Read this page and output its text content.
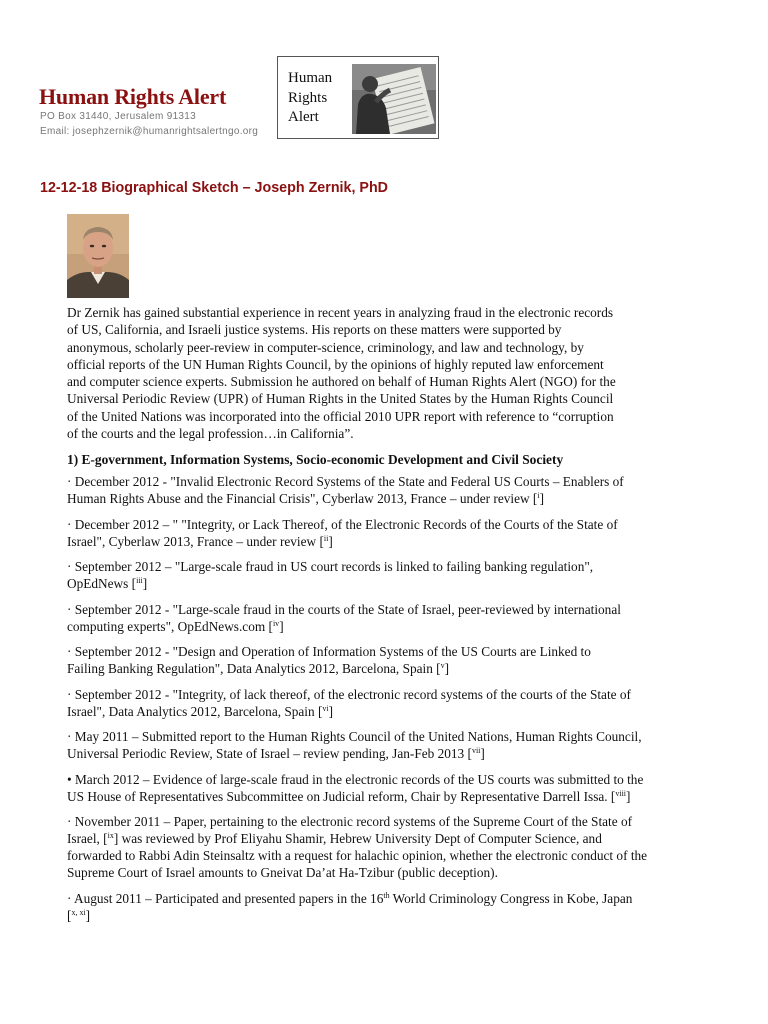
Human Rights Alert
PO Box 31440, Jerusalem 91313
Email: josephzernik@humanrightsalertngo.org
Human
Rights
Alert
12-12-18 Biographical Sketch – Joseph Zernik, PhD
Dr Zernik has gained substantial experience in recent years in analyzing fraud in the electronic records
of US, California, and Israeli justice systems. His reports on these matters were supported by
anonymous, scholarly peer-review in computer-science, criminology, and law and technology, by
official reports of the UN Human Rights Council, by the opinions of highly reputed law enforcement
and computer science experts. Submission he authored on behalf of Human Rights Alert (NGO) for the
Universal Periodic Review (UPR) of Human Rights in the United States by the Human Rights Council
of the United Nations was incorporated into the official 2010 UPR report with reference to “corruption
of the courts and the legal profession…in California”.
1) E-government, Information Systems, Socio-economic Development and Civil Society
· December 2012 - "Invalid Electronic Record Systems of the State and Federal US Courts – Enablers of
Human Rights Abuse and the Financial Crisis", Cyberlaw 2013, France – under review [$^i$]
· December 2012 – " "Integrity, or Lack Thereof, of the Electronic Records of the Courts of the State of
Israel", Cyberlaw 2013, France – under review [$^{ii}$]
· September 2012 – "Large-scale fraud in US court records is linked to failing banking regulation",
OpEdNews [$^{iii}$]
· September 2012 - "Large-scale fraud in the courts of the State of Israel, peer-reviewed by international
computing experts", OpEdNews.com [$^{iv}$]
· September 2012 - "Design and Operation of Information Systems of the US Courts are Linked to
Failing Banking Regulation", Data Analytics 2012, Barcelona, Spain [$^v$]
· September 2012 - "Integrity, of lack thereof, of the electronic record systems of the courts of the State of
Israel", Data Analytics 2012, Barcelona, Spain [$^{vi}$]
· May 2011 – Submitted report to the Human Rights Council of the United Nations, Human Rights Council,
Universal Periodic Review, State of Israel – review pending, Jan-Feb 2013 [$^{vii}$]
• March 2012 – Evidence of large-scale fraud in the electronic records of the US courts was submitted to the
US House of Representatives Subcommittee on Judicial reform, Chair by Representative Darrell Issa. [$^{viii}$]
· November 2011 – Paper, pertaining to the electronic record systems of the Supreme Court of the State of
Israel, [$^{ix}$] was reviewed by Prof Eliyahu Shamir, Hebrew University Dept of Computer Science, and
forwarded to Rabbi Adin Steinsaltz with a request for halachic opinion, whether the electronic conduct of the
Supreme Court of Israel amounts to Gneivat Da’at Ha-Tzibur (public deception).
· August 2011 – Participated and presented papers in the 16th World Criminology Congress in Kobe, Japan
[$^{x, xi}$]
